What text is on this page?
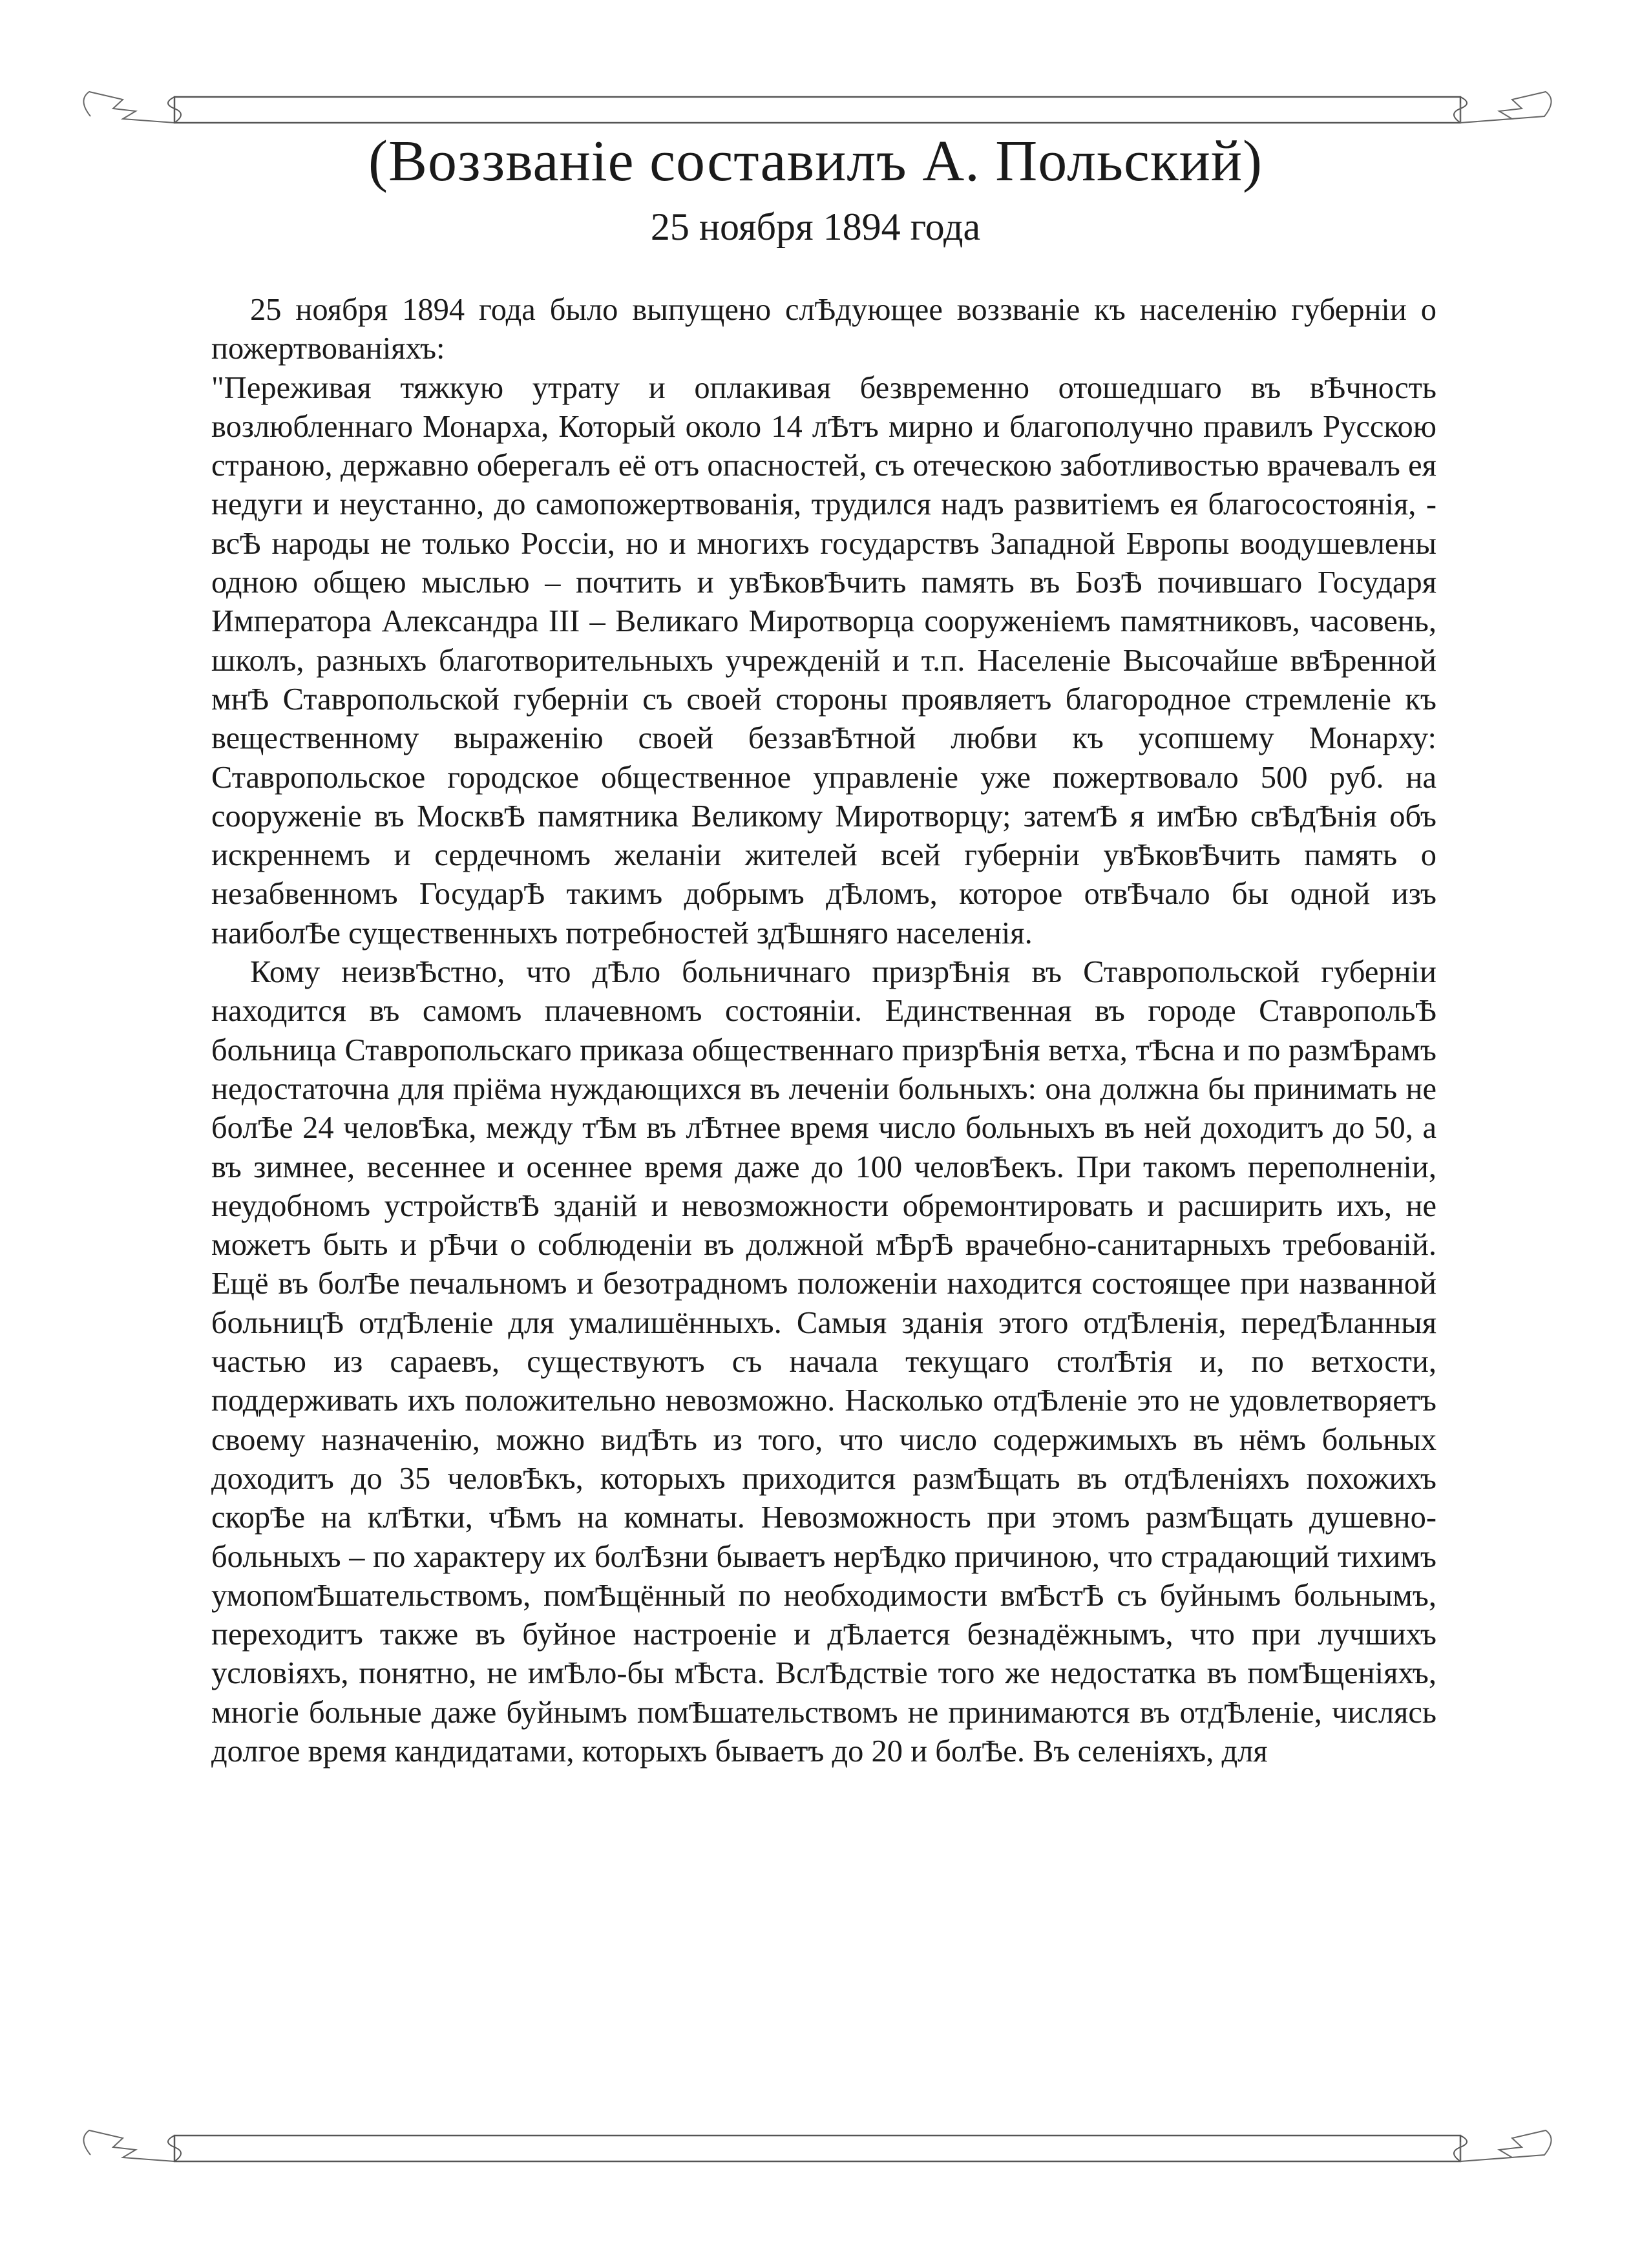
(Воззванiе составилъ А. Польский)
25 ноября 1894 года

25 ноября 1894 года было выпущено слѢдующее воззванiе къ населенiю губернiи о пожертвованiяхъ:

"Переживая тяжкую утрату и оплакивая безвременно отошедшаго въ вѢчность возлюбленнаго Монарха, Который около 14 лѢтъ мирно и благополучно правилъ Русскою страною, державно оберегалъ её отъ опасностей, съ отеческою заботливостью врачевалъ ея недуги и неустанно, до самопожертвованiя, трудился надъ развитiемъ ея благосостоянiя, - всѢ народы не только Россiи, но и многихъ государствъ Западной Европы воодушевлены одною общею мыслью – почтить и увѢковѢчить память въ БозѢ почившаго Государя Императора Александра III – Великаго Миротворца сооруженiемъ памятниковъ, часовень, школъ, разныхъ благотворительныхъ учрежденiй и т.п. Населенiе Высочайше ввѢренной мнѢ Ставропольской губернiи съ своей стороны проявляетъ благородное стремленiе къ вещественному выраженiю своей беззавѢтной любви къ усопшему Монарху: Ставропольское городское общественное управленiе уже пожертвовало 500 руб. на сооруженiе въ МосквѢ памятника Великому Миротворцу; затемѢ я имѢю свѢдѢнiя объ искреннемъ и сердечномъ желанiи жителей всей губернiи увѢковѢчить память о незабвенномъ ГосударѢ такимъ добрымъ дѢломъ, которое отвѢчало бы одной изъ наиболѢе существенныхъ потребностей здѢшняго населенiя.

Кому неизвѢстно, что дѢло больничнаго призрѢнiя въ Ставропольской губернiи находится въ самомъ плачевномъ состоянiи. Единственная въ городе СтавропольѢ больница Ставропольскаго приказа общественнаго призрѢнiя ветха, тѢсна и по размѢрамъ недостаточна для прiёма нуждающихся въ леченiи больныхъ: она должна бы принимать не болѢе 24 человѢка, между тѢм въ лѢтнее время число больныхъ въ ней доходитъ до 50, а въ зимнее, весеннее и осеннее время даже до 100 человѢекъ. При такомъ переполненiи, неудобномъ устройствѢ зданiй и невозможности обремонтировать и расширить ихъ, не можетъ быть и рѢчи о соблюденiи въ должной мѢрѢ врачебно-санитарныхъ требованiй. Ещё въ болѢе печальномъ и безотрадномъ положенiи находится состоящее при названной больницѢ отдѢленiе для умалишённыхъ. Самыя зданiя этого отдѢленiя, передѢланныя частью из сараевъ, существуютъ съ начала текущаго столѢтiя и, по ветхости, поддерживать ихъ положительно невозможно. Насколько отдѢленiе это не удовлетворяетъ своему назначенiю, можно видѢть из того, что число содержимыхъ въ нёмъ больных доходитъ до 35 человѢкъ, которыхъ приходится размѢщать въ отдѢленiяхъ похожихъ скорѢе на клѢтки, чѢмъ на комнаты. Невозможность при этомъ размѢщать душевно-больныхъ – по характеру их болѢзни бываетъ нерѢдко причиною, что страдающий тихимъ умопомѢшательствомъ, помѢщённый по необходимости вмѢстѢ съ буйнымъ больнымъ, переходитъ также въ буйное настроенiе и дѢлается безнадёжнымъ, что при лучшихъ условiяхъ, понятно, не имѢло-бы мѢста. ВслѢдствiе того же недостатка въ помѢщенiяхъ, многiе больные даже буйнымъ помѢшательствомъ не принимаются въ отдѢленiе, числясь долгое время кандидатами, которыхъ бываетъ до 20 и болѢе. Въ селенiяхъ, для
